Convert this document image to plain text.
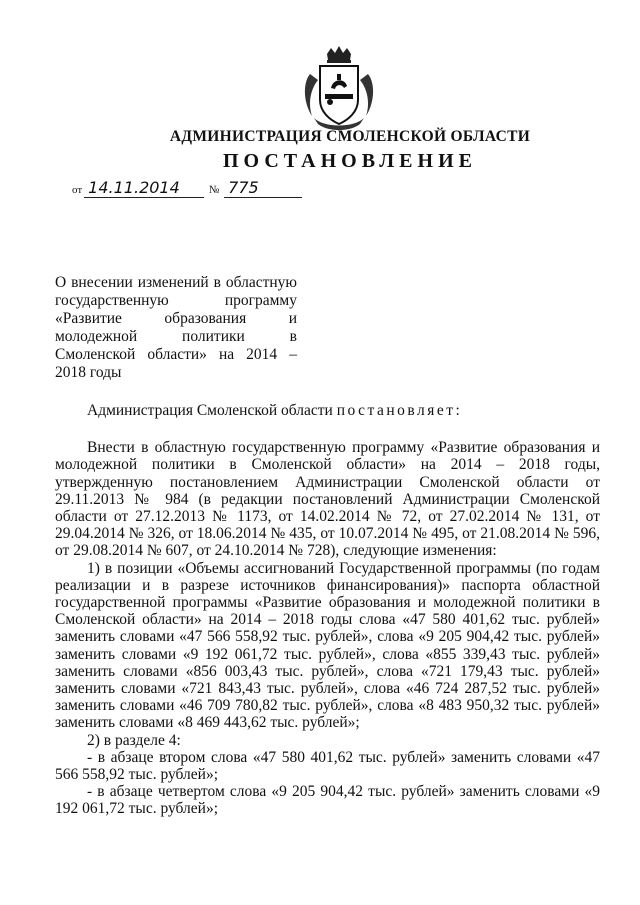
АДМИНИСТРАЦИЯ СМОЛЕНСКОЙ ОБЛАСТИ
ПОСТАНОВЛЕНИЕ
от 14.11.2014	№ 775
О внесении изменений в областную государственную программу «Развитие образования и молодежной политики в Смоленской области» на 2014 – 2018 годы

Администрация Смоленской области постановляет:

Внести в областную государственную программу «Развитие образования и молодежной политики в Смоленской области» на 2014 – 2018 годы, утвержденную постановлением Администрации Смоленской области от 29.11.2013 № 984 (в редакции постановлений Администрации Смоленской области от 27.12.2013 № 1173, от 14.02.2014 № 72, от 27.02.2014 № 131, от 29.04.2014 № 326, от 18.06.2014 № 435, от 10.07.2014 № 495, от 21.08.2014 № 596, от 29.08.2014 № 607, от 24.10.2014 № 728), следующие изменения:

1) в позиции «Объемы ассигнований Государственной программы (по годам реализации и в разрезе источников финансирования)» паспорта областной государственной программы «Развитие образования и молодежной политики в Смоленской области» на 2014 – 2018 годы слова «47 580 401,62 тыс. рублей» заменить словами «47 566 558,92 тыс. рублей», слова «9 205 904,42 тыс. рублей» заменить словами «9 192 061,72 тыс. рублей», слова «855 339,43 тыс. рублей» заменить словами «856 003,43 тыс. рублей», слова «721 179,43 тыс. рублей» заменить словами «721 843,43 тыс. рублей», слова «46 724 287,52 тыс. рублей» заменить словами «46 709 780,82 тыс. рублей», слова «8 483 950,32 тыс. рублей» заменить словами «8 469 443,62 тыс. рублей»;

2) в разделе 4:

- в абзаце втором слова «47 580 401,62 тыс. рублей» заменить словами «47 566 558,92 тыс. рублей»;

- в абзаце четвертом слова «9 205 904,42 тыс. рублей» заменить словами «9 192 061,72 тыс. рублей»;
